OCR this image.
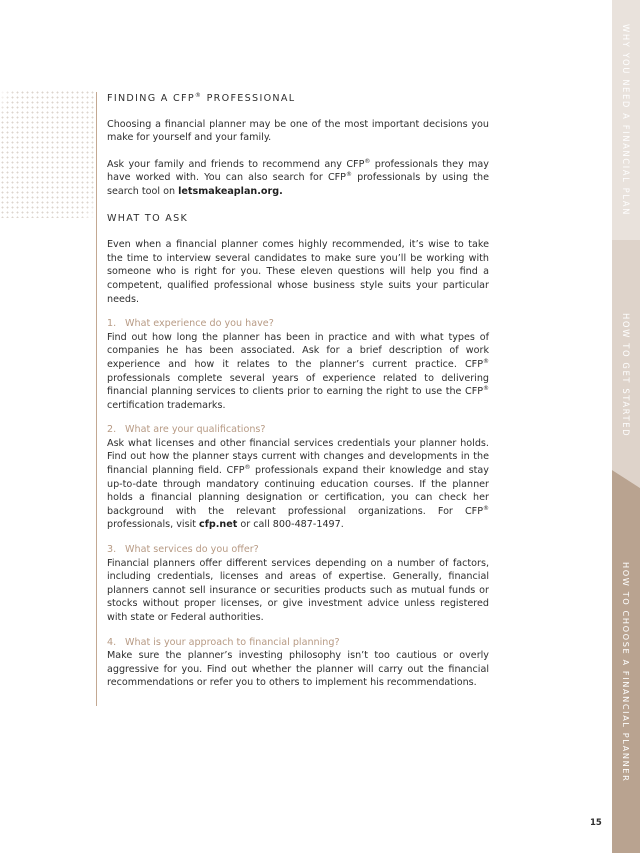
FINDING A CFP® PROFESSIONAL

Choosing a financial planner may be one of the most important decisions you make for yourself and your family.

Ask your family and friends to recommend any CFP® professionals they may have worked with. You can also search for CFP® professionals by using the search tool on letsmakeaplan.org.

WHAT TO ASK

Even when a financial planner comes highly recommended, it’s wise to take the time to interview several candidates to make sure you’ll be working with someone who is right for you. These eleven questions will help you find a competent, qualified professional whose business style suits your particular needs.

1. What experience do you have?

Find out how long the planner has been in practice and with what types of companies he has been associated. Ask for a brief description of work experience and how it relates to the planner’s current practice. CFP® professionals complete several years of experience related to delivering financial planning services to clients prior to earning the right to use the CFP® certification trademarks.

2. What are your qualifications?

Ask what licenses and other financial services credentials your planner holds. Find out how the planner stays current with changes and developments in the financial planning field. CFP® professionals expand their knowledge and stay up-to-date through mandatory continuing education courses. If the planner holds a financial planning designation or certification, you can check her background with the relevant professional organizations. For CFP® professionals, visit cfp.net or call 800-487-1497.

3. What services do you offer?

Financial planners offer different services depending on a number of factors, including credentials, licenses and areas of expertise. Generally, financial planners cannot sell insurance or securities products such as mutual funds or stocks without proper licenses, or give investment advice unless registered with state or Federal authorities.

4. What is your approach to financial planning?

Make sure the planner’s investing philosophy isn’t too cautious or overly aggressive for you. Find out whether the planner will carry out the financial recommendations or refer you to others to implement his recommendations.

WHY YOU NEED A FINANCIAL PLAN
HOW TO GET STARTED
HOW TO CHOOSE A FINANCIAL PLANNER
15
